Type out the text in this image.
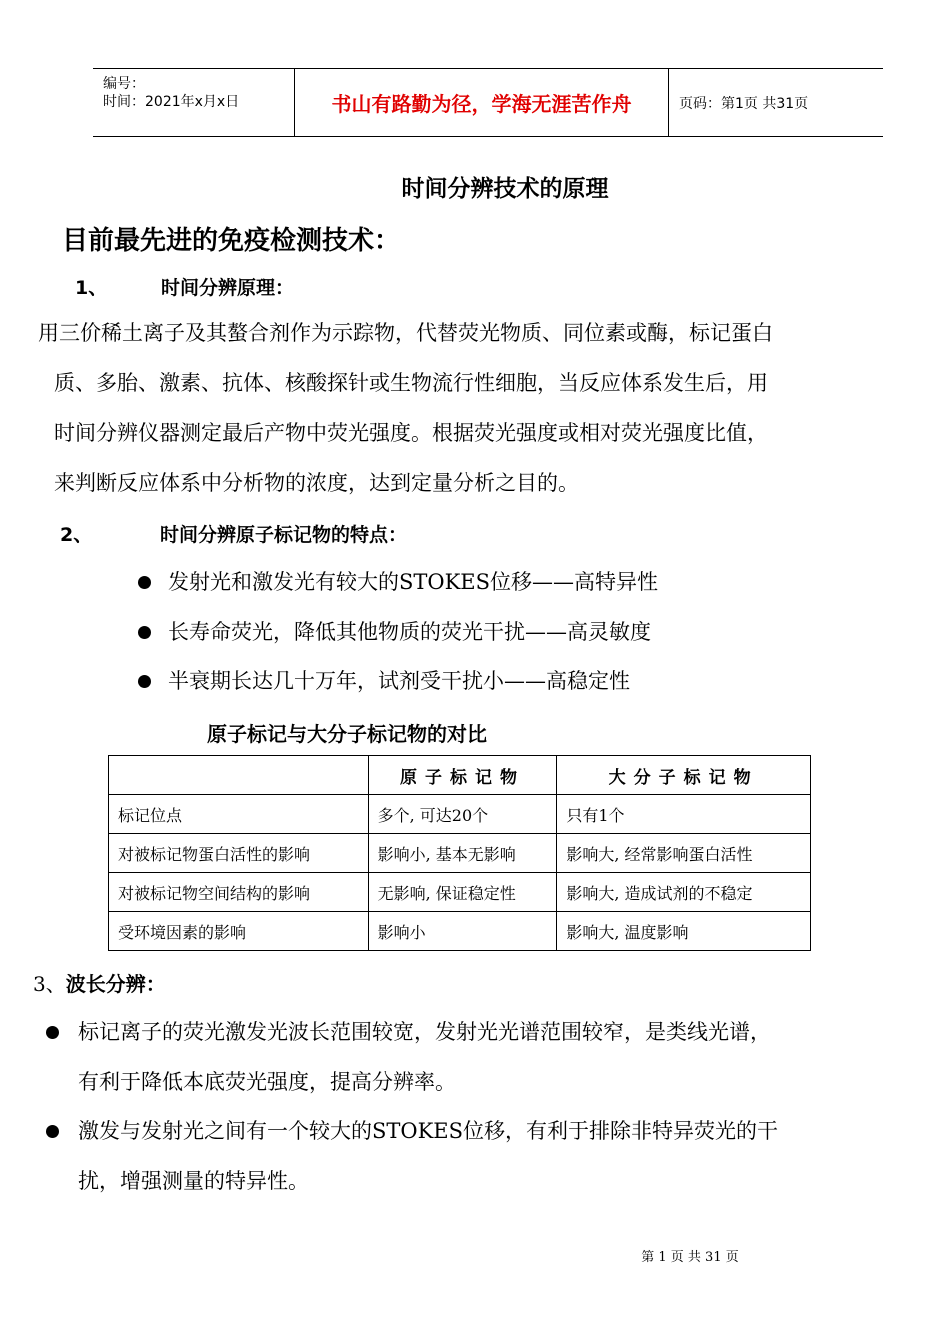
编号：
时间：2021年x月x日	书山有路勤为径，学海无涯苦作舟	页码：第1页 共31页
时间分辨技术的原理
目前最先进的免疫检测技术：
1、	时间分辨原理：
用三价稀土离子及其螯合剂作为示踪物，代替荧光物质、同位素或酶，标记蛋白
质、多胎、激素、抗体、核酸探针或生物流行性细胞，当反应体系发生后，用
时间分辨仪器测定最后产物中荧光强度。根据荧光强度或相对荧光强度比值，
来判断反应体系中分析物的浓度，达到定量分析之目的。
2、	时间分辨原子标记物的特点：
发射光和激发光有较大的STOKES位移——高特异性
长寿命荧光，降低其他物质的荧光干扰——高灵敏度
半衰期长达几十万年，试剂受干扰小——高稳定性
原子标记与大分子标记物的对比
	原子标记物	大分子标记物
标记位点	多个, 可达20个	只有1个
对被标记物蛋白活性的影响	影响小, 基本无影响	影响大, 经常影响蛋白活性
对被标记物空间结构的影响	无影响, 保证稳定性	影响大, 造成试剂的不稳定
受环境因素的影响	影响小	影响大, 温度影响
3、波长分辨：
标记离子的荧光激发光波长范围较宽，发射光光谱范围较窄，是类线光谱，
有利于降低本底荧光强度，提高分辨率。
激发与发射光之间有一个较大的STOKES位移，有利于排除非特异荧光的干
扰，增强测量的特异性。
第 1 页 共 31 页
